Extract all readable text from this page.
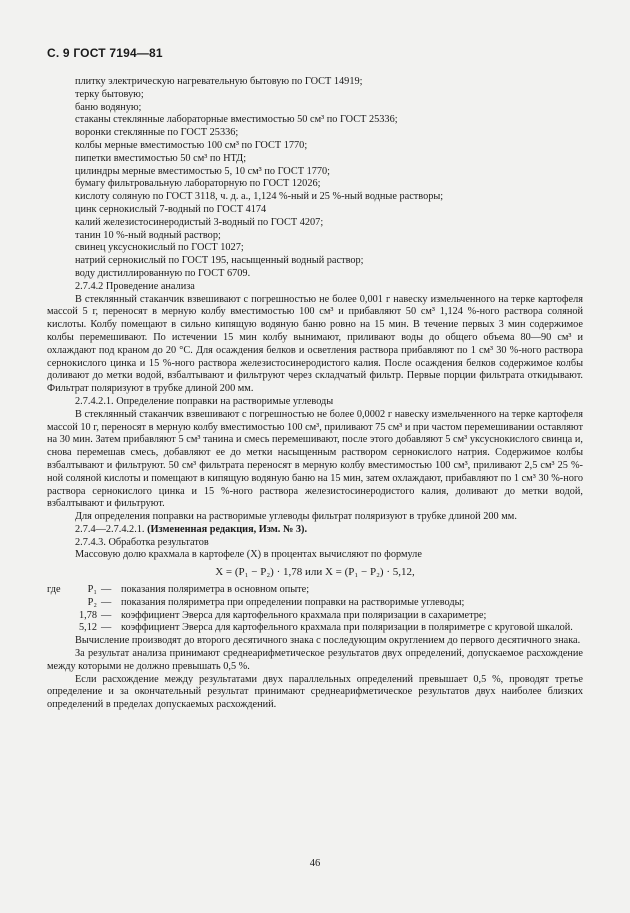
С. 9 ГОСТ 7194—81
плитку электрическую нагревательную бытовую по ГОСТ 14919;
терку бытовую;
баню водяную;
стаканы стеклянные лабораторные вместимостью 50 см³ по ГОСТ 25336;
воронки стеклянные по ГОСТ 25336;
колбы мерные вместимостью 100 см³ по ГОСТ 1770;
пипетки вместимостью 50 см³ по НТД;
цилиндры мерные вместимостью 5, 10 см³ по ГОСТ 1770;
бумагу фильтровальную лабораторную по ГОСТ 12026;
кислоту соляную по ГОСТ 3118, ч. д. а., 1,124 %-ный и 25 %-ный водные растворы;
цинк сернокислый 7-водный по ГОСТ 4174
калий железистосинеродистый 3-водный по ГОСТ 4207;
танин 10 %-ный водный раствор;
свинец уксуснокислый по ГОСТ 1027;
натрий сернокислый по ГОСТ 195, насыщенный водный раствор;
воду дистиллированную по ГОСТ 6709.
2.7.4.2 Проведение анализа

В стеклянный стаканчик взвешивают с погрешностью не более 0,001 г навеску измельченного на терке картофеля массой 5 г, переносят в мерную колбу вместимостью 100 см³ и прибавляют 50 см³ 1,124 %-ного раствора соляной кислоты. Колбу помещают в сильно кипящую водяную баню ровно на 15 мин. В течение первых 3 мин содержимое колбы перемешивают. По истечении 15 мин колбу вынимают, приливают воды до общего объема 80—90 см³ и охлаждают под краном до 20 °С. Для осаждения белков и осветления раствора прибавляют по 1 см³ 30 %-ного раствора сернокислого цинка и 15 %-ного раствора железистосинеродистого калия. После осаждения белков содержимое колбы доливают до метки водой, взбалтывают и фильтруют через складчатый фильтр. Первые порции фильтрата откидывают. Фильтрат поляризуют в трубке длиной 200 мм.

2.7.4.2.1. Определение поправки на растворимые углеводы

В стеклянный стаканчик взвешивают с погрешностью не более 0,0002 г навеску измельченного на терке картофеля массой 10 г, переносят в мерную колбу вместимостью 100 см³, приливают 75 см³ и при частом перемешивании оставляют на 30 мин. Затем прибавляют 5 см³ танина и смесь перемешивают, после этого добавляют 5 см³ уксуснокислого свинца и, снова перемешав смесь, добавляют ее до метки насыщенным раствором сернокислого натрия. Содержимое колбы взбалтывают и фильтруют. 50 см³ фильтрата переносят в мерную колбу вместимостью 100 см³, приливают 2,5 см³ 25 %-ной соляной кислоты и помещают в кипящую водяную баню на 15 мин, затем охлаждают, прибавляют по 1 см³ 30 %-ного раствора сернокислого цинка и 15 %-ного раствора железистосинеродистого калия, доливают до метки водой, взбалтывают и фильтруют.

Для определения поправки на растворимые углеводы фильтрат поляризуют в трубке длиной 200 мм.

2.7.4—2.7.4.2.1. (Измененная редакция, Изм. № 3).
2.7.4.3. Обработка результатов

Массовую долю крахмала в картофеле (X) в процентах вычисляют по формуле

X = (P₁ − P₂) · 1,78 или X = (P₁ − P₂) · 5,12,
где	P₁ — показания поляриметра в основном опыте;
P₂ — показания поляриметра при определении поправки на растворимые углеводы;
1,78 — коэффициент Эверса для картофельного крахмала при поляризации в сахариметре;
5,12 — коэффициент Эверса для картофельного крахмала при поляризации в поляриметре с круговой шкалой.

Вычисление производят до второго десятичного знака с последующим округлением до первого десятичного знака.

За результат анализа принимают среднеарифметическое результатов двух определений, допускаемое расхождение между которыми не должно превышать 0,5 %.

Если расхождение между результатами двух параллельных определений превышает 0,5 %, проводят третье определение и за окончательный результат принимают среднеарифметическое результатов двух наиболее близких определений в пределах допускаемых расхождений.

46
